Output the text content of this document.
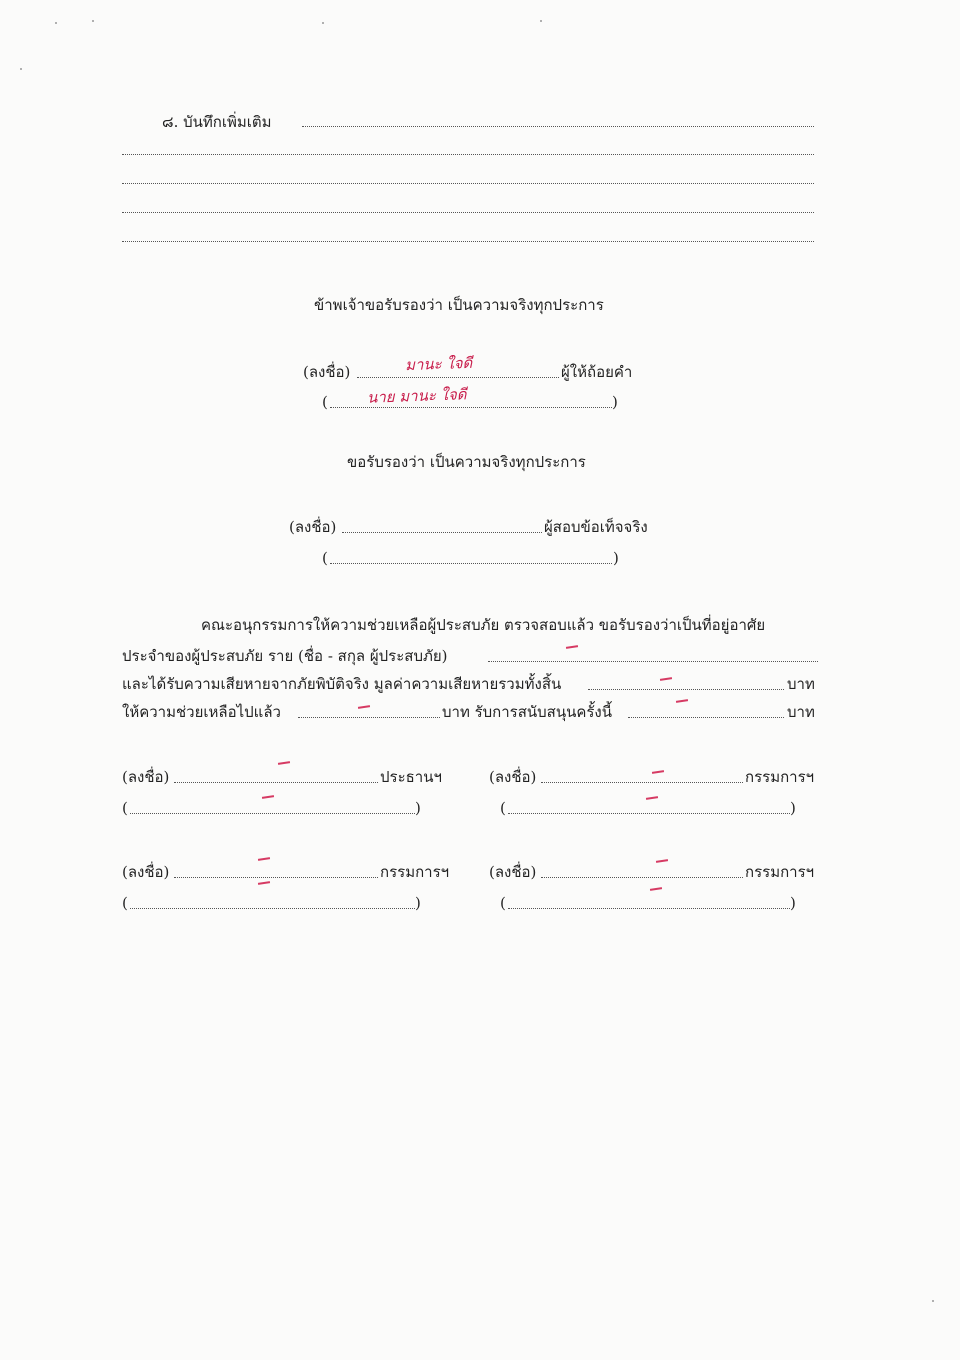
๘. บันทึกเพิ่มเติม
ข้าพเจ้าขอรับรองว่า เป็นความจริงทุกประการ
(ลงชื่อ)	มานะ ใจดี	ผู้ให้ถ้อยคำ
(	นาย มานะ ใจดี	)
ขอรับรองว่า เป็นความจริงทุกประการ
(ลงชื่อ)	ผู้สอบข้อเท็จจริง
(	)
คณะอนุกรรมการให้ความช่วยเหลือผู้ประสบภัย ตรวจสอบแล้ว ขอรับรองว่าเป็นที่อยู่อาศัย
ประจำของผู้ประสบภัย ราย (ชื่อ - สกุล ผู้ประสบภัย)
และได้รับความเสียหายจากภัยพิบัติจริง มูลค่าความเสียหายรวมทั้งสิ้น	บาท
ให้ความช่วยเหลือไปแล้ว	บาท รับการสนับสนุนครั้งนี้	บาท
(ลงชื่อ)	ประธานฯ
(	)
(ลงชื่อ)	กรรมการฯ
(	)
(ลงชื่อ)	กรรมการฯ
(	)
(ลงชื่อ)	กรรมการฯ
(	)
